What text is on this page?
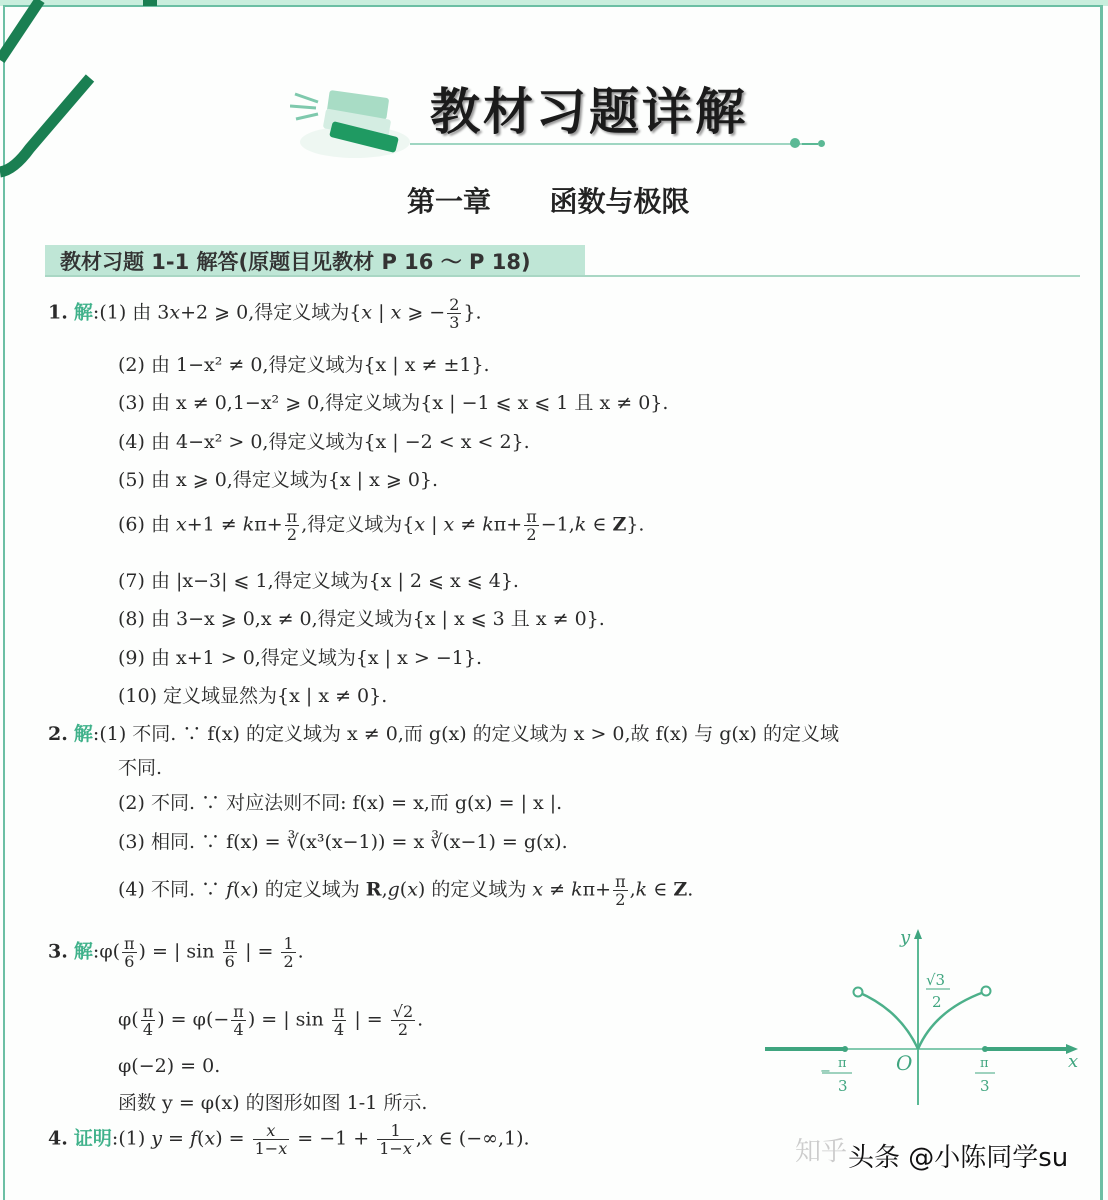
教材习题详解
第一章      函数与极限
教材习题 1-1 解答(原题目见教材 P 16 ～ P 18)
1. 解:(1) 由 3x+2 ⩾ 0,得定义域为{x | x ⩾ − $\frac{2}{3}$ }.
(2) 由 1−x² ≠ 0,得定义域为{x | x ≠ ±1}.
(3) 由 x ≠ 0,1−x² ⩾ 0,得定义域为{x | −1 ⩽ x ⩽ 1 且 x ≠ 0}.
(4) 由 4−x² > 0,得定义域为{x | −2 < x < 2}.
(5) 由 x ⩾ 0,得定义域为{x | x ⩾ 0}.
(6) 由 $x+1 \ne k\pi+ \frac{\pi}{2}$ ,得定义域为{x | $x \ne k\pi+ \frac{\pi}{2} -1,k$ ∈ Z}.
(7) 由 |x−3| ⩽ 1,得定义域为{x | 2 ⩽ x ⩽ 4}.
(8) 由 3−x ⩾ 0,x ≠ 0,得定义域为{x | x ⩽ 3 且 x ≠ 0}.
(9) 由 x+1 > 0,得定义域为{x | x > −1}.
(10) 定义域显然为{x | x ≠ 0}.
2. 解:(1) 不同. ∵ f(x) 的定义域为 x ≠ 0,而 g(x) 的定义域为 x > 0,故 f(x) 与 g(x) 的定义域
不同.
(2) 不同. ∵ 对应法则不同: f(x) = x,而 g(x) = | x |.
(3) 相同. ∵ f(x) = ∛(x³(x−1)) = x ∛(x−1) = g(x).
(4) 不同. ∵ f(x) 的定义域为 R,g(x) 的定义域为 $x \ne k\pi+ \frac{\pi}{2} ,k$ ∈ Z.
3. 解:φ( $\frac{\pi}{6}$ ) = | $\sin \frac{\pi}{6}$ | = $\frac{1}{2}$ .
$\varphi( \frac{\pi}{4}$ ) = $\varphi(- \frac{\pi}{4}$ ) = | $\sin \frac{\pi}{4}$ | = $\frac{√2}{2}$ .
φ(−2) = 0.
函数 y = φ(x) 的图形如图 1-1 所示.
y
x
O
√3
2
π
−
3
π
3
4. 证明:(1) $y = f(x) = \frac{x}{1-x} = -1 + \frac{1}{1-x} ,x$ ∈ (−∞,1).	知乎 头条 @小陈同学su
